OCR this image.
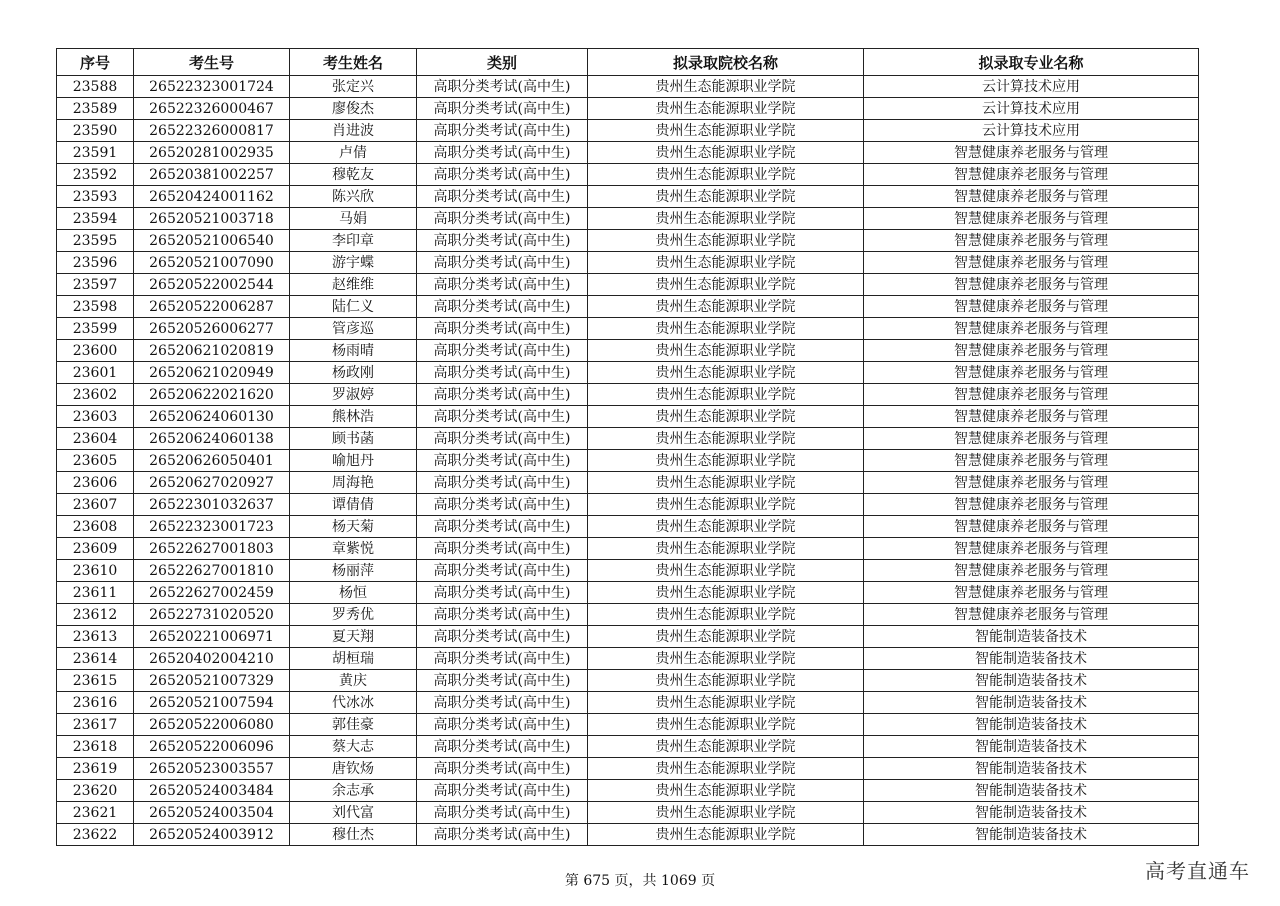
序号	考生号	考生姓名	类别	拟录取院校名称	拟录取专业名称
23588	26522323001724	张定兴	高职分类考试(高中生)	贵州生态能源职业学院	云计算技术应用
23589	26522326000467	廖俊杰	高职分类考试(高中生)	贵州生态能源职业学院	云计算技术应用
23590	26522326000817	肖进波	高职分类考试(高中生)	贵州生态能源职业学院	云计算技术应用
23591	26520281002935	卢倩	高职分类考试(高中生)	贵州生态能源职业学院	智慧健康养老服务与管理
23592	26520381002257	穆乾友	高职分类考试(高中生)	贵州生态能源职业学院	智慧健康养老服务与管理
23593	26520424001162	陈兴欣	高职分类考试(高中生)	贵州生态能源职业学院	智慧健康养老服务与管理
23594	26520521003718	马娟	高职分类考试(高中生)	贵州生态能源职业学院	智慧健康养老服务与管理
23595	26520521006540	李印章	高职分类考试(高中生)	贵州生态能源职业学院	智慧健康养老服务与管理
23596	26520521007090	游宇蝶	高职分类考试(高中生)	贵州生态能源职业学院	智慧健康养老服务与管理
23597	26520522002544	赵维维	高职分类考试(高中生)	贵州生态能源职业学院	智慧健康养老服务与管理
23598	26520522006287	陆仁义	高职分类考试(高中生)	贵州生态能源职业学院	智慧健康养老服务与管理
23599	26520526006277	管彦巡	高职分类考试(高中生)	贵州生态能源职业学院	智慧健康养老服务与管理
23600	26520621020819	杨雨晴	高职分类考试(高中生)	贵州生态能源职业学院	智慧健康养老服务与管理
23601	26520621020949	杨政刚	高职分类考试(高中生)	贵州生态能源职业学院	智慧健康养老服务与管理
23602	26520622021620	罗淑婷	高职分类考试(高中生)	贵州生态能源职业学院	智慧健康养老服务与管理
23603	26520624060130	熊林浩	高职分类考试(高中生)	贵州生态能源职业学院	智慧健康养老服务与管理
23604	26520624060138	顾书菡	高职分类考试(高中生)	贵州生态能源职业学院	智慧健康养老服务与管理
23605	26520626050401	喻旭丹	高职分类考试(高中生)	贵州生态能源职业学院	智慧健康养老服务与管理
23606	26520627020927	周海艳	高职分类考试(高中生)	贵州生态能源职业学院	智慧健康养老服务与管理
23607	26522301032637	谭倩倩	高职分类考试(高中生)	贵州生态能源职业学院	智慧健康养老服务与管理
23608	26522323001723	杨天菊	高职分类考试(高中生)	贵州生态能源职业学院	智慧健康养老服务与管理
23609	26522627001803	章紫悦	高职分类考试(高中生)	贵州生态能源职业学院	智慧健康养老服务与管理
23610	26522627001810	杨丽萍	高职分类考试(高中生)	贵州生态能源职业学院	智慧健康养老服务与管理
23611	26522627002459	杨恒	高职分类考试(高中生)	贵州生态能源职业学院	智慧健康养老服务与管理
23612	26522731020520	罗秀优	高职分类考试(高中生)	贵州生态能源职业学院	智慧健康养老服务与管理
23613	26520221006971	夏天翔	高职分类考试(高中生)	贵州生态能源职业学院	智能制造装备技术
23614	26520402004210	胡桓瑞	高职分类考试(高中生)	贵州生态能源职业学院	智能制造装备技术
23615	26520521007329	黄庆	高职分类考试(高中生)	贵州生态能源职业学院	智能制造装备技术
23616	26520521007594	代冰冰	高职分类考试(高中生)	贵州生态能源职业学院	智能制造装备技术
23617	26520522006080	郭佳豪	高职分类考试(高中生)	贵州生态能源职业学院	智能制造装备技术
23618	26520522006096	蔡大志	高职分类考试(高中生)	贵州生态能源职业学院	智能制造装备技术
23619	26520523003557	唐钦炀	高职分类考试(高中生)	贵州生态能源职业学院	智能制造装备技术
23620	26520524003484	余志承	高职分类考试(高中生)	贵州生态能源职业学院	智能制造装备技术
23621	26520524003504	刘代富	高职分类考试(高中生)	贵州生态能源职业学院	智能制造装备技术
23622	26520524003912	穆仕杰	高职分类考试(高中生)	贵州生态能源职业学院	智能制造装备技术
第 675 页，共 1069 页	高考直通车
